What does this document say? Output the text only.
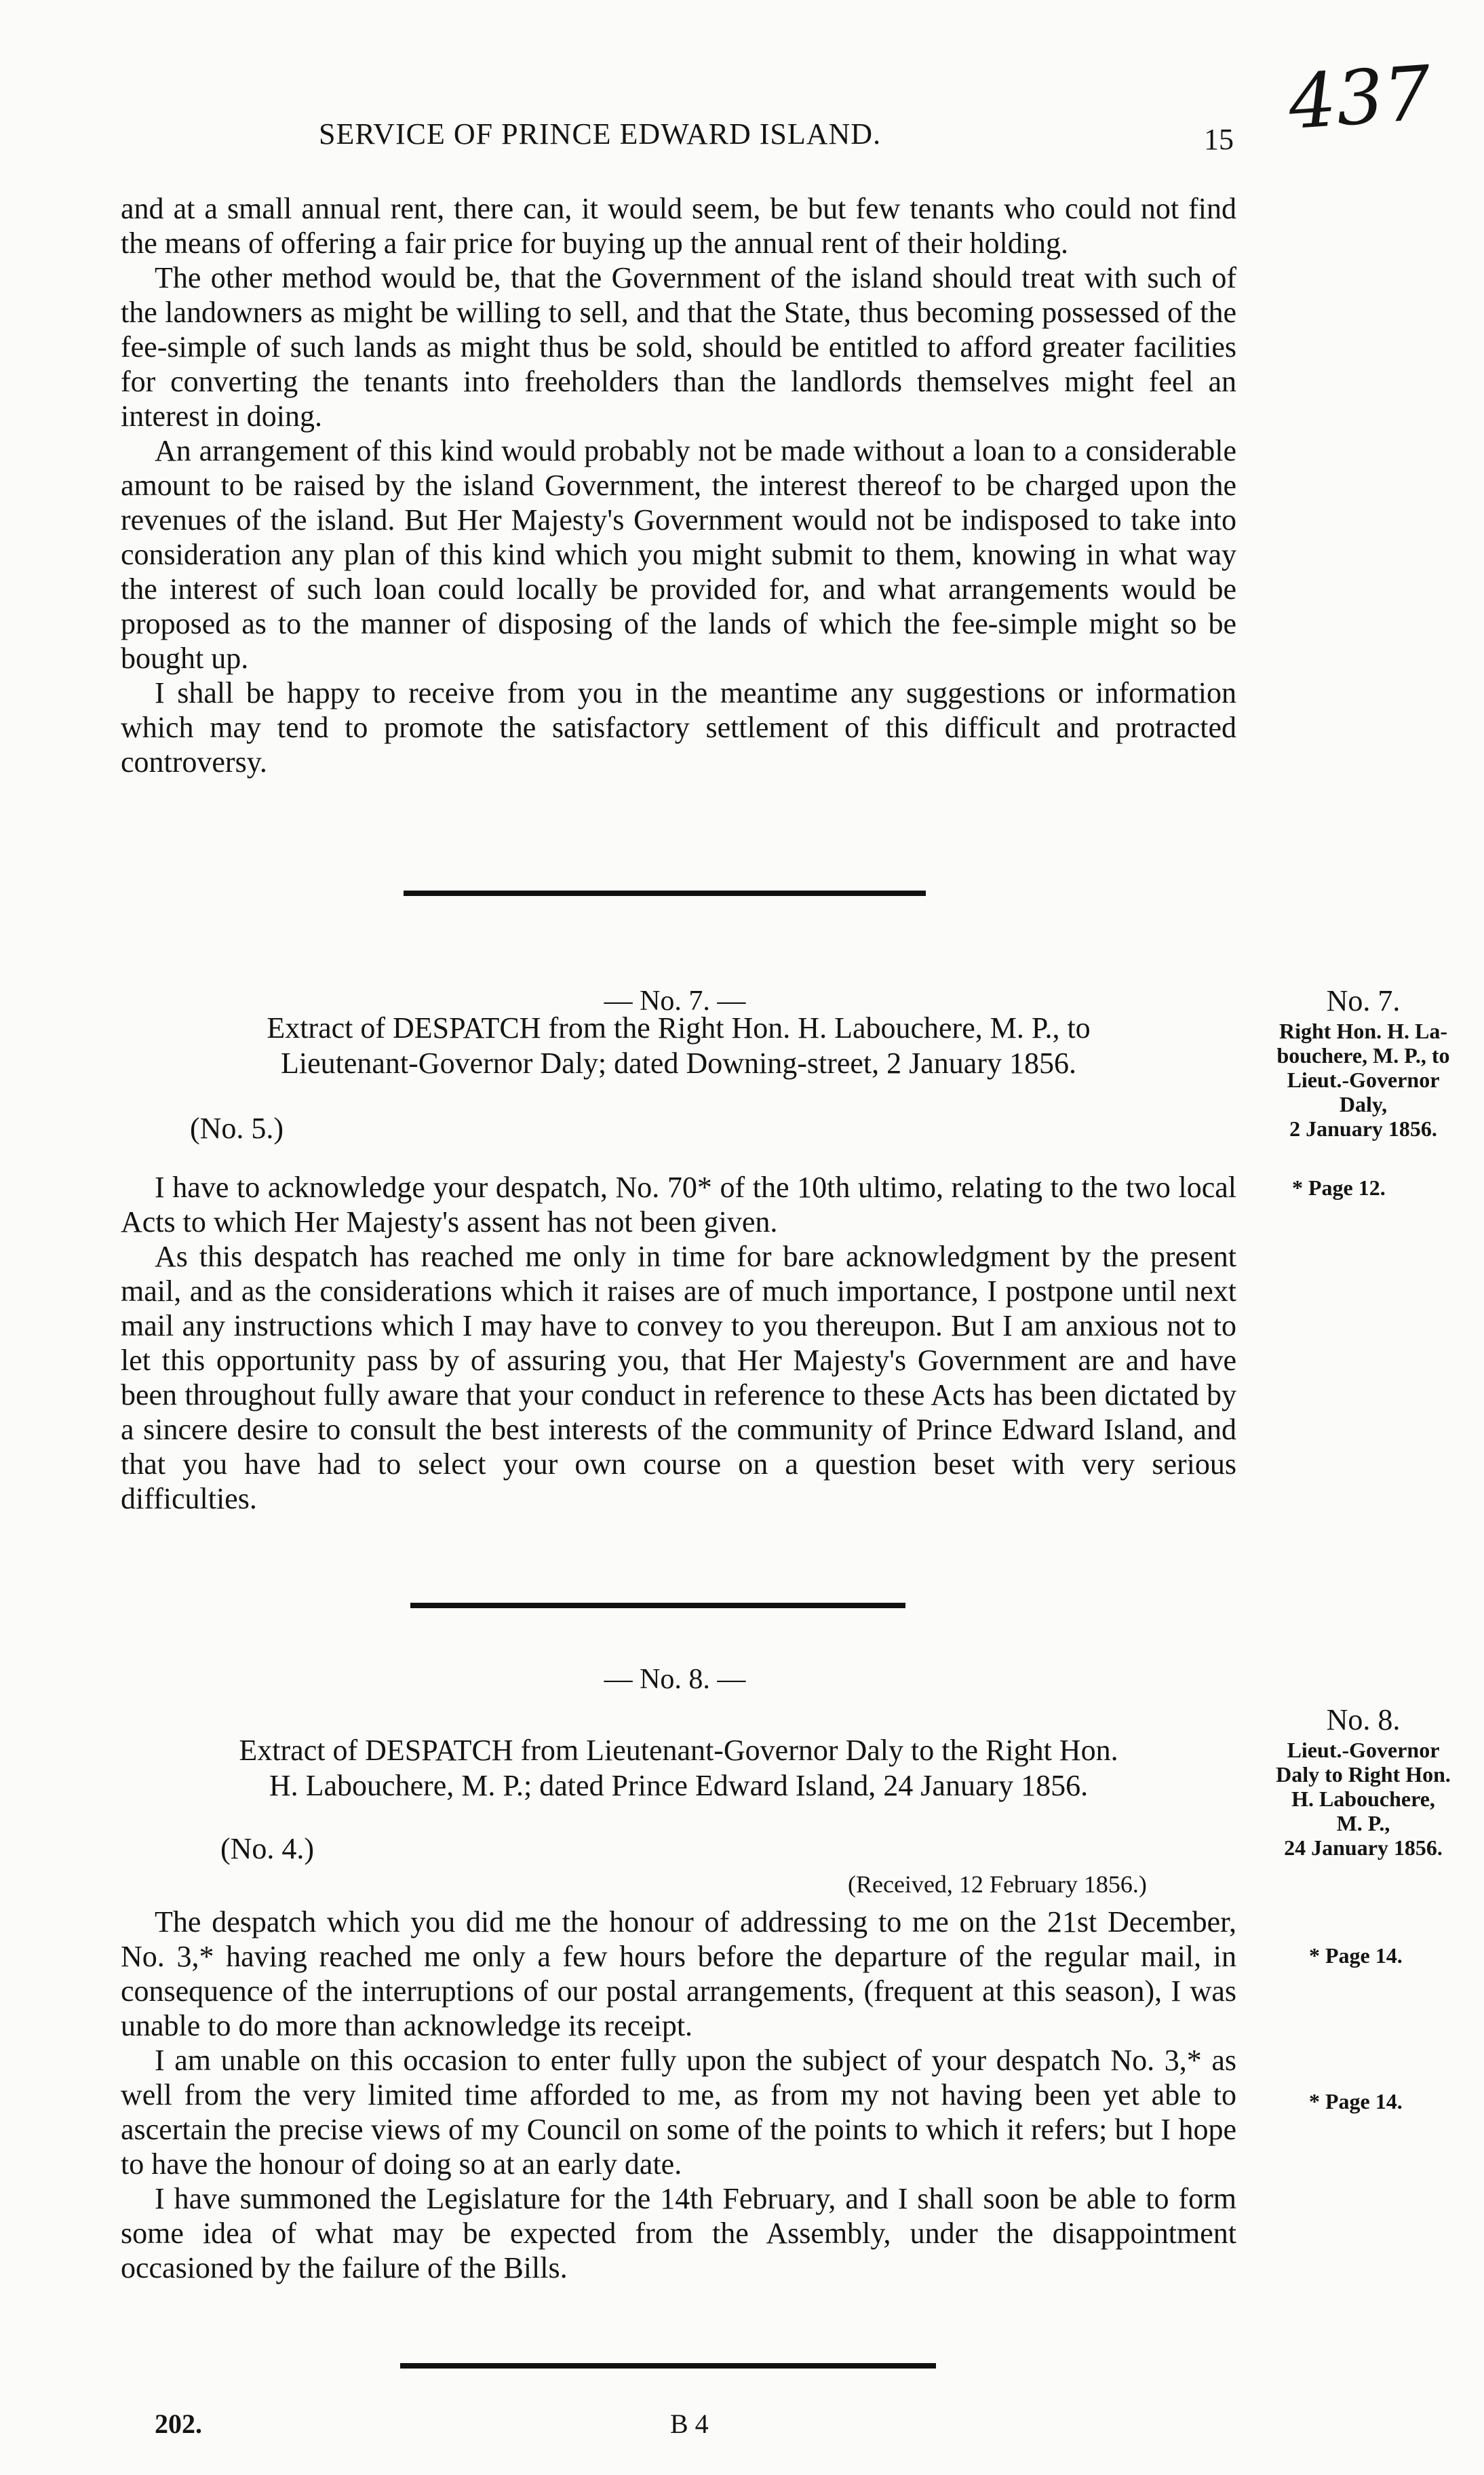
SERVICE OF PRINCE EDWARD ISLAND.	15 437

and at a small annual rent, there can, it would seem, be but few tenants who could not find the means of offering a fair price for buying up the annual rent of their holding.

The other method would be, that the Government of the island should treat with such of the landowners as might be willing to sell, and that the State, thus becoming possessed of the fee-simple of such lands as might thus be sold, should be entitled to afford greater facilities for converting the tenants into freeholders than the landlords themselves might feel an interest in doing.

An arrangement of this kind would probably not be made without a loan to a considerable amount to be raised by the island Government, the interest thereof to be charged upon the revenues of the island. But Her Majesty's Government would not be indisposed to take into consideration any plan of this kind which you might submit to them, knowing in what way the interest of such loan could locally be provided for, and what arrangements would be proposed as to the manner of disposing of the lands of which the fee-simple might so be bought up.

I shall be happy to receive from you in the meantime any suggestions or information which may tend to promote the satisfactory settlement of this difficult and protracted controversy.

— No. 7. —
Extract of DESPATCH from the Right Hon. H. Labouchere, M. P., to
Lieutenant-Governor Daly; dated Downing-street, 2 January 1856.
(No. 5.)

I have to acknowledge your despatch, No. 70* of the 10th ultimo, relating to the two local Acts to which Her Majesty's assent has not been given.

As this despatch has reached me only in time for bare acknowledgment by the present mail, and as the considerations which it raises are of much importance, I postpone until next mail any instructions which I may have to convey to you thereupon. But I am anxious not to let this opportunity pass by of assuring you, that Her Majesty's Government are and have been throughout fully aware that your conduct in reference to these Acts has been dictated by a sincere desire to consult the best interests of the community of Prince Edward Island, and that you have had to select your own course on a question beset with very serious difficulties.

No. 7.
Right Hon. H. La-
bouchere, M. P., to
Lieut.-Governor
Daly,
2 January 1856.
* Page 12.
— No. 8. —
Extract of DESPATCH from Lieutenant-Governor Daly to the Right Hon.
H. Labouchere, M. P.; dated Prince Edward Island, 24 January 1856.
(No. 4.)
(Received, 12 February 1856.)

The despatch which you did me the honour of addressing to me on the 21st December, No. 3,* having reached me only a few hours before the departure of the regular mail, in consequence of the interruptions of our postal arrangements, (frequent at this season), I was unable to do more than acknowledge its receipt.

I am unable on this occasion to enter fully upon the subject of your despatch No. 3,* as well from the very limited time afforded to me, as from my not having been yet able to ascertain the precise views of my Council on some of the points to which it refers; but I hope to have the honour of doing so at an early date.

I have summoned the Legislature for the 14th February, and I shall soon be able to form some idea of what may be expected from the Assembly, under the disappointment occasioned by the failure of the Bills.

No. 8.
Lieut.-Governor
Daly to Right Hon.
H. Labouchere,
M. P.,
24 January 1856.
* Page 14.
* Page 14.
202.	B 4
